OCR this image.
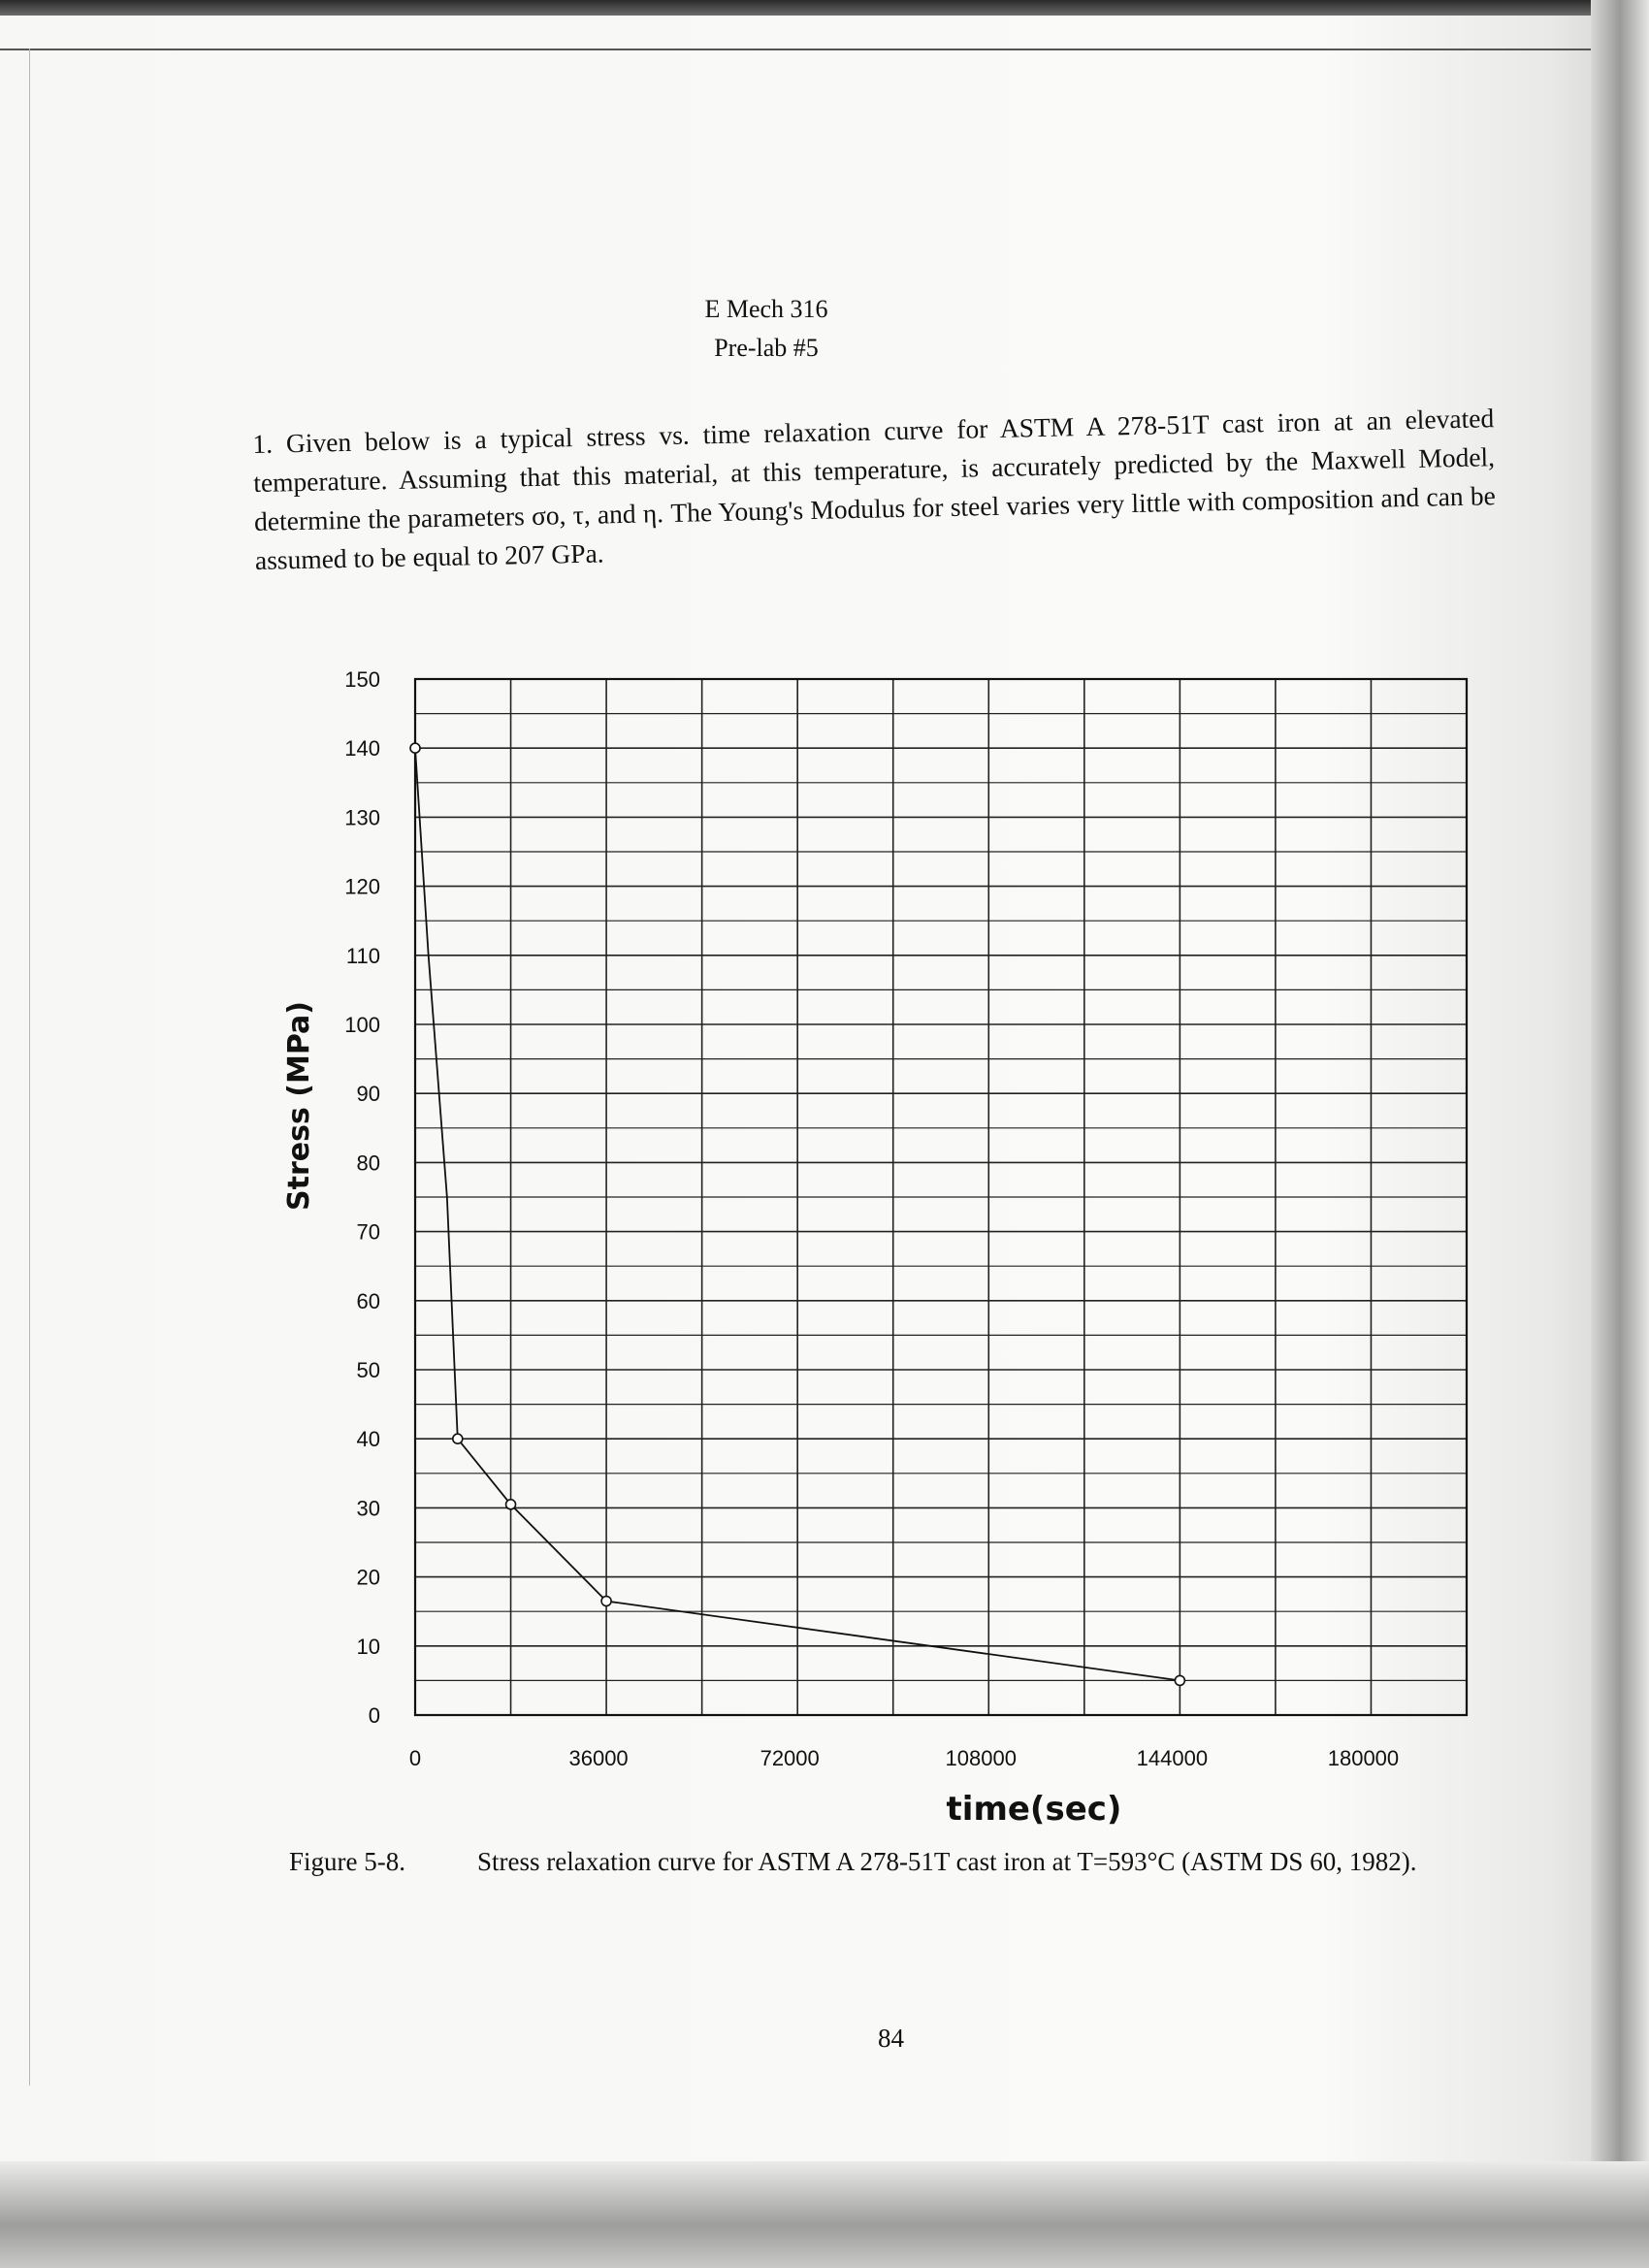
E Mech 316
Pre-lab #5
1. Given below is a typical stress vs. time relaxation curve for ASTM A 278-51T cast iron at an elevated temperature. Assuming that this material, at this temperature, is accurately predicted by the Maxwell Model, determine the parameters σo, τ, and η. The Young's Modulus for steel varies very little with composition and can be assumed to be equal to 207 GPa.
0
10
20
30
40
50
60
70
80
90
100
110
120
130
140
150
0	36000	72000	108000	144000	180000
time(sec)
Stress (MPa)
Figure 5-8.	Stress relaxation curve for ASTM A 278-51T cast iron at T=593°C (ASTM DS 60, 1982).
84
